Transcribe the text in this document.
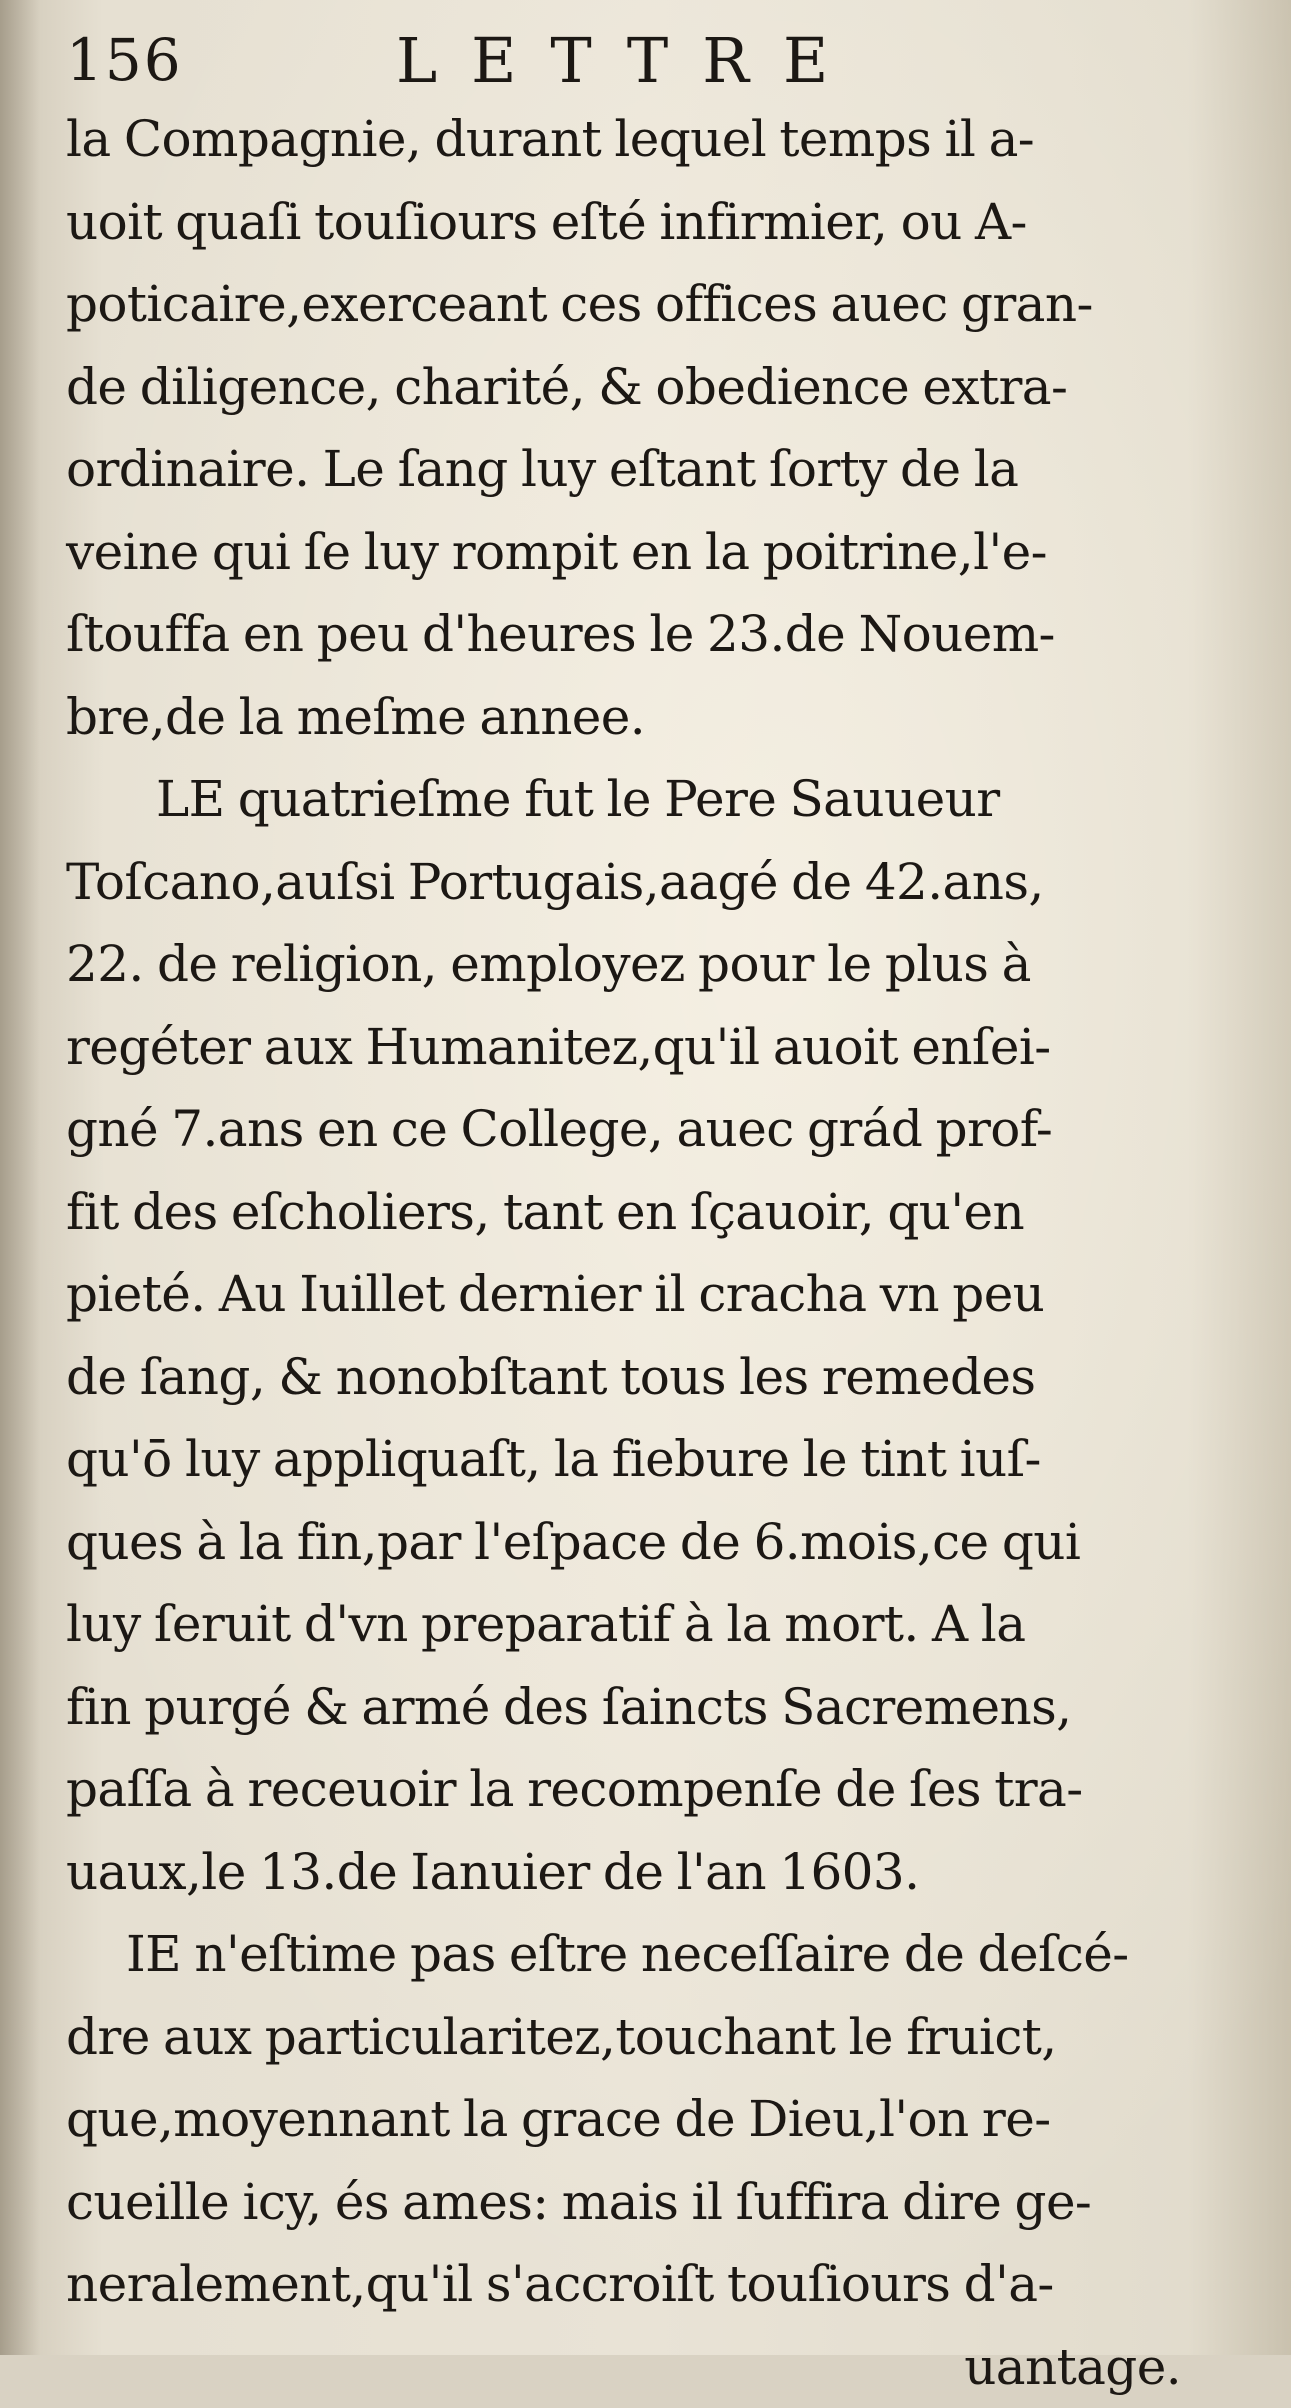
156	LETTRE
la Compagnie, durant lequel temps il a-
uoit quaſi touſiours eſté infirmier, ou A-
poticaire,exerceant ces offices auec gran-
de diligence, charité, & obedience extra-
ordinaire. Le ſang luy eſtant ſorty de la
veine qui ſe luy rompit en la poitrine,l'e-
ſtouffa en peu d'heures le 23.de Nouem-
bre,de la meſme annee.
LE quatrieſme fut le Pere Sauueur
Toſcano,auſsi Portugais,aagé de 42.ans,
22. de religion, employez pour le plus à
regéter aux Humanitez,qu'il auoit enſei-
gné 7.ans en ce College, auec grád prof-
fit des eſcholiers, tant en ſçauoir, qu'en
pieté. Au Iuillet dernier il cracha vn peu
de ſang, & nonobſtant tous les remedes
qu'ō luy appliquaſt, la fiebure le tint iuſ-
ques à la fin,par l'eſpace de 6.mois,ce qui
luy ſeruit d'vn preparatif à la mort. A la
fin purgé & armé des ſaincts Sacremens,
paſſa à receuoir la recompenſe de ſes tra-
uaux,le 13.de Ianuier de l'an 1603.
IE n'eſtime pas eſtre neceſſaire de deſcé-
dre aux particularitez,touchant le fruict,
que,moyennant la grace de Dieu,l'on re-
cueille icy, és ames: mais il ſuffira dire ge-
neralement,qu'il s'accroiſt touſiours d'a-
uantage.
